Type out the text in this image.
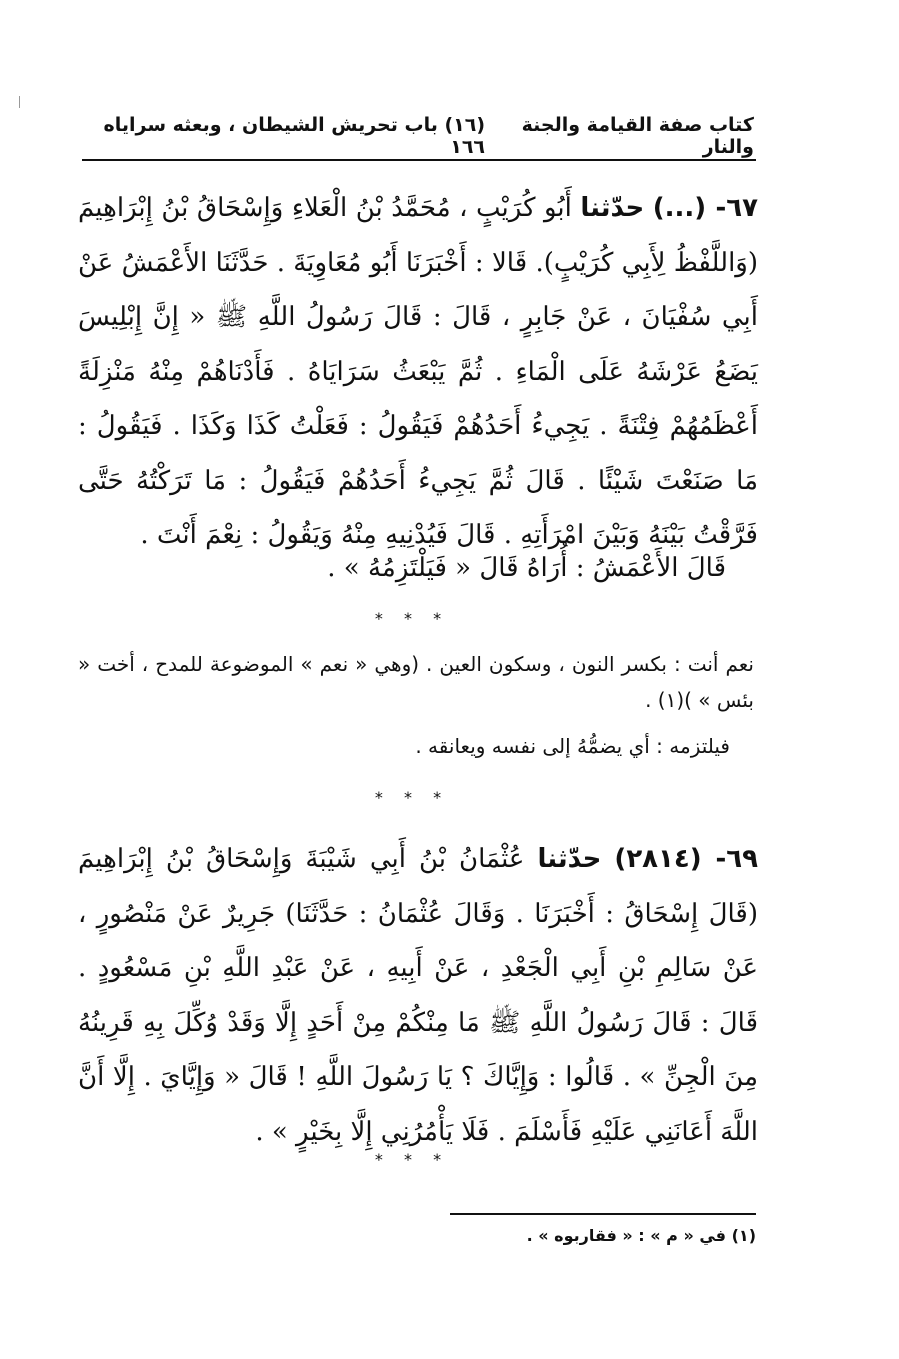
كتاب صفة القيامة والجنة والنار
(١٦) باب تحريش الشيطان ، وبعثه سراياه ١٦٦
٦٧- (...) حدّثنا أَبُو كُرَيْبٍ ، مُحَمَّدُ بْنُ الْعَلاءِ وَإِسْحَاقُ بْنُ إِبْرَاهِيمَ (وَاللَّفْظُ لِأَبِي كُرَيْبٍ). قَالا : أَخْبَرَنَا أَبُو مُعَاوِيَةَ . حَدَّثَنَا الأَعْمَشُ عَنْ أَبِي سُفْيَانَ ، عَنْ جَابِرٍ ، قَالَ : قَالَ رَسُولُ اللَّهِ ﷺ « إِنَّ إِبْلِيسَ يَضَعُ عَرْشَهُ عَلَى الْمَاءِ . ثُمَّ يَبْعَثُ سَرَايَاهُ . فَأَدْنَاهُمْ مِنْهُ مَنْزِلَةً أَعْظَمُهُمْ فِتْنَةً . يَجِيءُ أَحَدُهُمْ فَيَقُولُ : فَعَلْتُ كَذَا وَكَذَا . فَيَقُولُ : مَا صَنَعْتَ شَيْئًا . قَالَ ثُمَّ يَجِيءُ أَحَدُهُمْ فَيَقُولُ : مَا تَرَكْتُهُ حَتَّى فَرَّقْتُ بَيْنَهُ وَبَيْنَ امْرَأَتِهِ . قَالَ فَيُدْنِيهِ مِنْهُ وَيَقُولُ : نِعْمَ أَنْتَ .
قَالَ الأَعْمَشُ : أُرَاهُ قَالَ « فَيَلْتَزِمُهُ » .
* * *
نعم أنت : بكسر النون ، وسكون العين . (وهي « نعم » الموضوعة للمدح ، أخت « بئس » )(١) .
فيلتزمه : أي يضمُّهُ إلى نفسه ويعانقه .
* * *
٦٩- (٢٨١٤) حدّثنا عُثْمَانُ بْنُ أَبِي شَيْبَةَ وَإِسْحَاقُ بْنُ إِبْرَاهِيمَ (قَالَ إِسْحَاقُ : أَخْبَرَنَا . وَقَالَ عُثْمَانُ : حَدَّثَنَا) جَرِيرٌ عَنْ مَنْصُورٍ ، عَنْ سَالِمِ بْنِ أَبِي الْجَعْدِ ، عَنْ أَبِيهِ ، عَنْ عَبْدِ اللَّهِ بْنِ مَسْعُودٍ . قَالَ : قَالَ رَسُولُ اللَّهِ ﷺ مَا مِنْكُمْ مِنْ أَحَدٍ إِلَّا وَقَدْ وُكِّلَ بِهِ قَرِينُهُ مِنَ الْجِنِّ » . قَالُوا : وَإِيَّاكَ ؟ يَا رَسُولَ اللَّهِ ! قَالَ « وَإِيَّايَ . إِلَّا أَنَّ اللَّهَ أَعَانَنِي عَلَيْهِ فَأَسْلَمَ . فَلَا يَأْمُرُنِي إِلَّا بِخَيْرٍ » .
* * *
(١) في « م » : « فقاربوه » .
